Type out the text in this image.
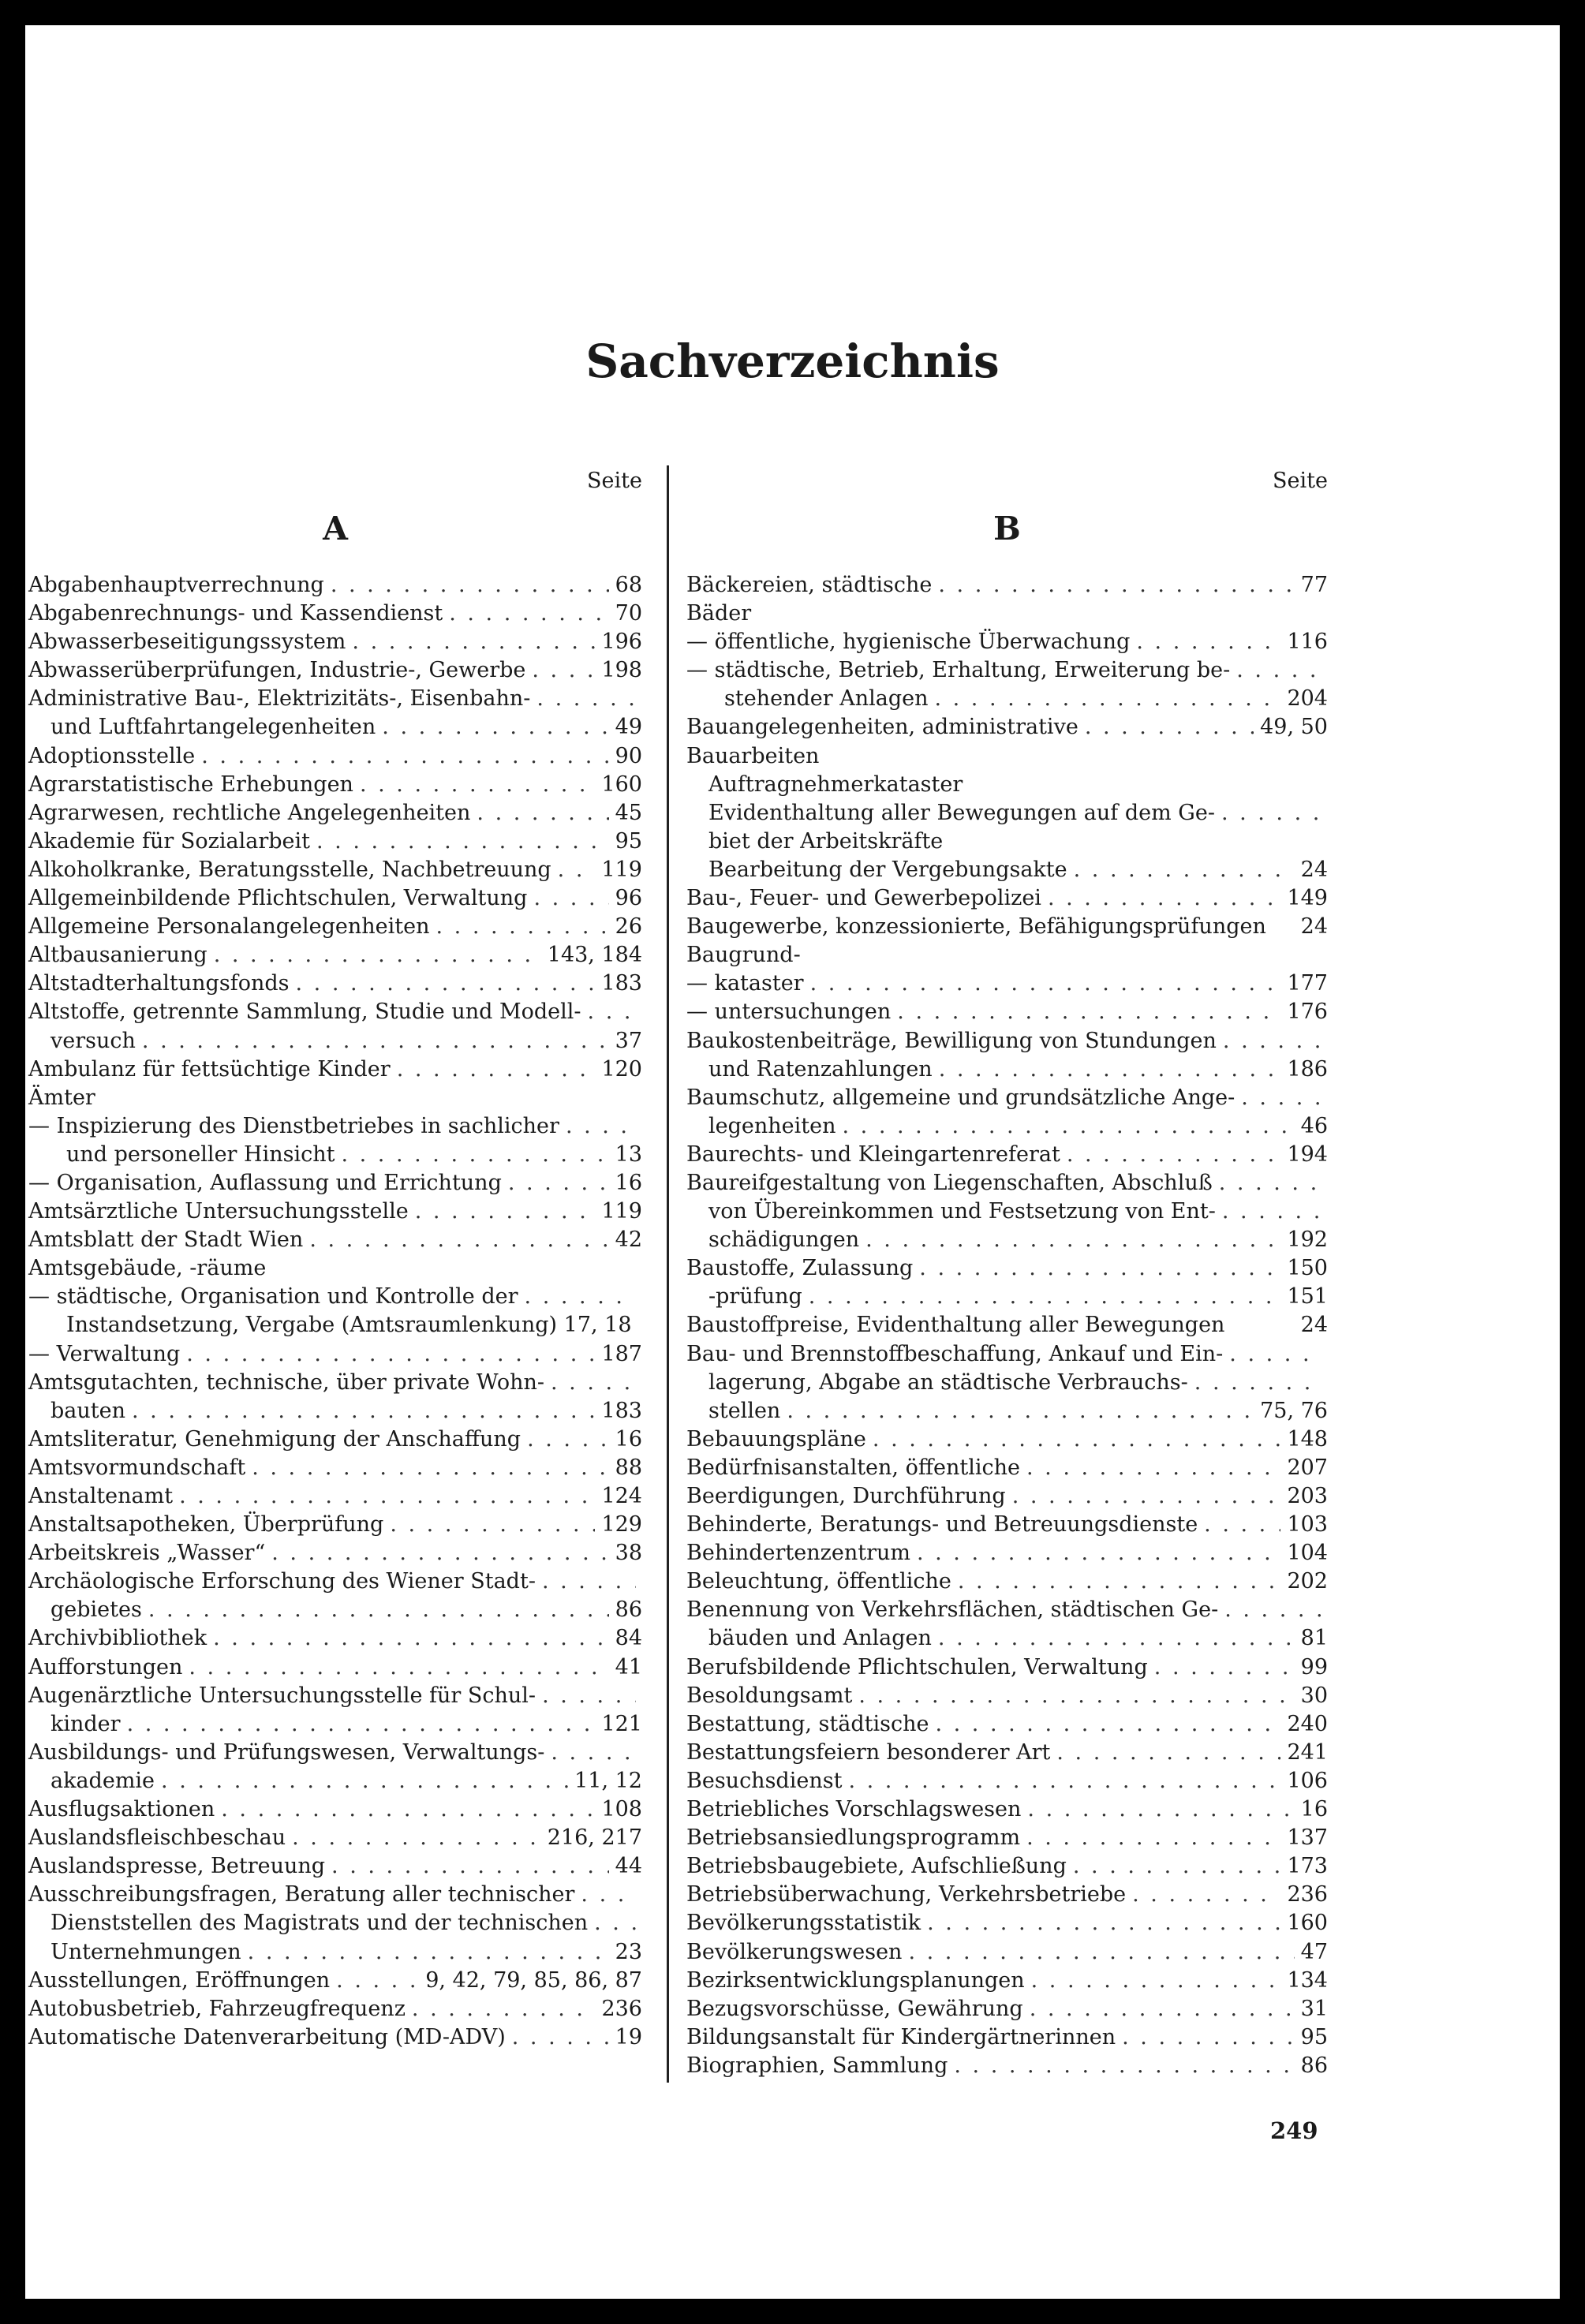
Sachverzeichnis
Seite
A
Abgabenhauptverrechnung . . .	68
Abgabenrechnungs- und Kassendienst . . .	70
Abwasserbeseitigungssystem . . .	196
Abwasserüberprüfungen, Industrie-, Gewerbe . . .	198
Administrative Bau-, Elektrizitäts-, Eisenbahn-
. . .
und Luftfahrtangelegenheiten . . .	49
Adoptionsstelle . . .	90
Agrarstatistische Erhebungen . . .	160
Agrarwesen, rechtliche Angelegenheiten . . .	45
Akademie für Sozialarbeit . . .	95
Alkoholkranke, Beratungsstelle, Nachbetreuung . . . 119
Allgemeinbildende Pflichtschulen, Verwaltung . . .	96
Allgemeine Personalangelegenheiten . . .	26
Altbausanierung . . .	143, 184
Altstadterhaltungsfonds . . .	183
Altstoffe, getrennte Sammlung, Studie und Modell-
. . .
versuch . . .	37
Ambulanz für fettsüchtige Kinder . . .	120
Ämter
— Inspizierung des Dienstbetriebes in sachlicher
. . .
und personeller Hinsicht . . .	13
— Organisation, Auflassung und Errichtung . . .	16
Amtsärztliche Untersuchungsstelle . . .	119
Amtsblatt der Stadt Wien . . .	42
Amtsgebäude, -räume
— städtische, Organisation und Kontrolle der
. . .
Instandsetzung, Vergabe (Amtsraumlenkung) 17, 18
— Verwaltung . . .	187
Amtsgutachten, technische, über private Wohn-
. . .
bauten . . .	183
Amtsliteratur, Genehmigung der Anschaffung . . .	16
Amtsvormundschaft . . .	88
Anstaltenamt . . .	124
Anstaltsapotheken, Überprüfung . . .	129
Arbeitskreis „Wasser“ . . .	38
Archäologische Erforschung des Wiener Stadt-
. . .
gebietes . . .	86
Archivbibliothek . . .	84
Aufforstungen . . .	41
Augenärztliche Untersuchungsstelle für Schul-
. . .
kinder . . .	121
Ausbildungs- und Prüfungswesen, Verwaltungs-
. . .
akademie . . .	11, 12
Ausflugsaktionen . . .	108
Auslandsfleischbeschau . . .	216, 217
Auslandspresse, Betreuung . . .	44
Ausschreibungsfragen, Beratung aller technischer
. . .
Dienststellen des Magistrats und der technischen
. . .
Unternehmungen . . .	23
Ausstellungen, Eröffnungen . . .	9, 42, 79, 85, 86, 87
Autobusbetrieb, Fahrzeugfrequenz . . .	236
Automatische Datenverarbeitung (MD-ADV) . . .	19
Seite
B
Bäckereien, städtische . . .	77
Bäder
— öffentliche, hygienische Überwachung . . .	116
— städtische, Betrieb, Erhaltung, Erweiterung be-
. . .
stehender Anlagen . . .	204
Bauangelegenheiten, administrative . . .	49, 50
Bauarbeiten
Auftragnehmerkataster
Evidenthaltung aller Bewegungen auf dem Ge-
. . .
biet der Arbeitskräfte
Bearbeitung der Vergebungsakte . . .	24
Bau-, Feuer- und Gewerbepolizei . . .	149
Baugewerbe, konzessionierte, Befähigungsprüfungen 24
Baugrund-
— kataster . . .	177
— untersuchungen . . .	176
Baukostenbeiträge, Bewilligung von Stundungen
. . .
und Ratenzahlungen . . .	186
Baumschutz, allgemeine und grundsätzliche Ange-
. . .
legenheiten . . .	46
Baurechts- und Kleingartenreferat . . .	194
Baureifgestaltung von Liegenschaften, Abschluß
. . .
von Übereinkommen und Festsetzung von Ent-
. . .
schädigungen . . .	192
Baustoffe, Zulassung . . .	150
-prüfung . . .	151
Baustoffpreise, Evidenthaltung aller Bewegungen	24
Bau- und Brennstoffbeschaffung, Ankauf und Ein-
. . .
lagerung, Abgabe an städtische Verbrauchs-
. . .
stellen . . .	75, 76
Bebauungspläne . . .	148
Bedürfnisanstalten, öffentliche . . .	207
Beerdigungen, Durchführung . . .	203
Behinderte, Beratungs- und Betreuungsdienste . . .	103
Behindertenzentrum . . .	104
Beleuchtung, öffentliche . . .	202
Benennung von Verkehrsflächen, städtischen Ge-
. . .
bäuden und Anlagen . . .	81
Berufsbildende Pflichtschulen, Verwaltung . . .	99
Besoldungsamt . . .	30
Bestattung, städtische . . .	240
Bestattungsfeiern besonderer Art . . .	241
Besuchsdienst . . .	106
Betriebliches Vorschlagswesen . . .	16
Betriebsansiedlungsprogramm . . .	137
Betriebsbaugebiete, Aufschließung . . .	173
Betriebsüberwachung, Verkehrsbetriebe . . .	236
Bevölkerungsstatistik . . .	160
Bevölkerungswesen . . .	47
Bezirksentwicklungsplanungen . . .	134
Bezugsvorschüsse, Gewährung . . .	31
Bildungsanstalt für Kindergärtnerinnen . . .	95
Biographien, Sammlung . . .	86
249
